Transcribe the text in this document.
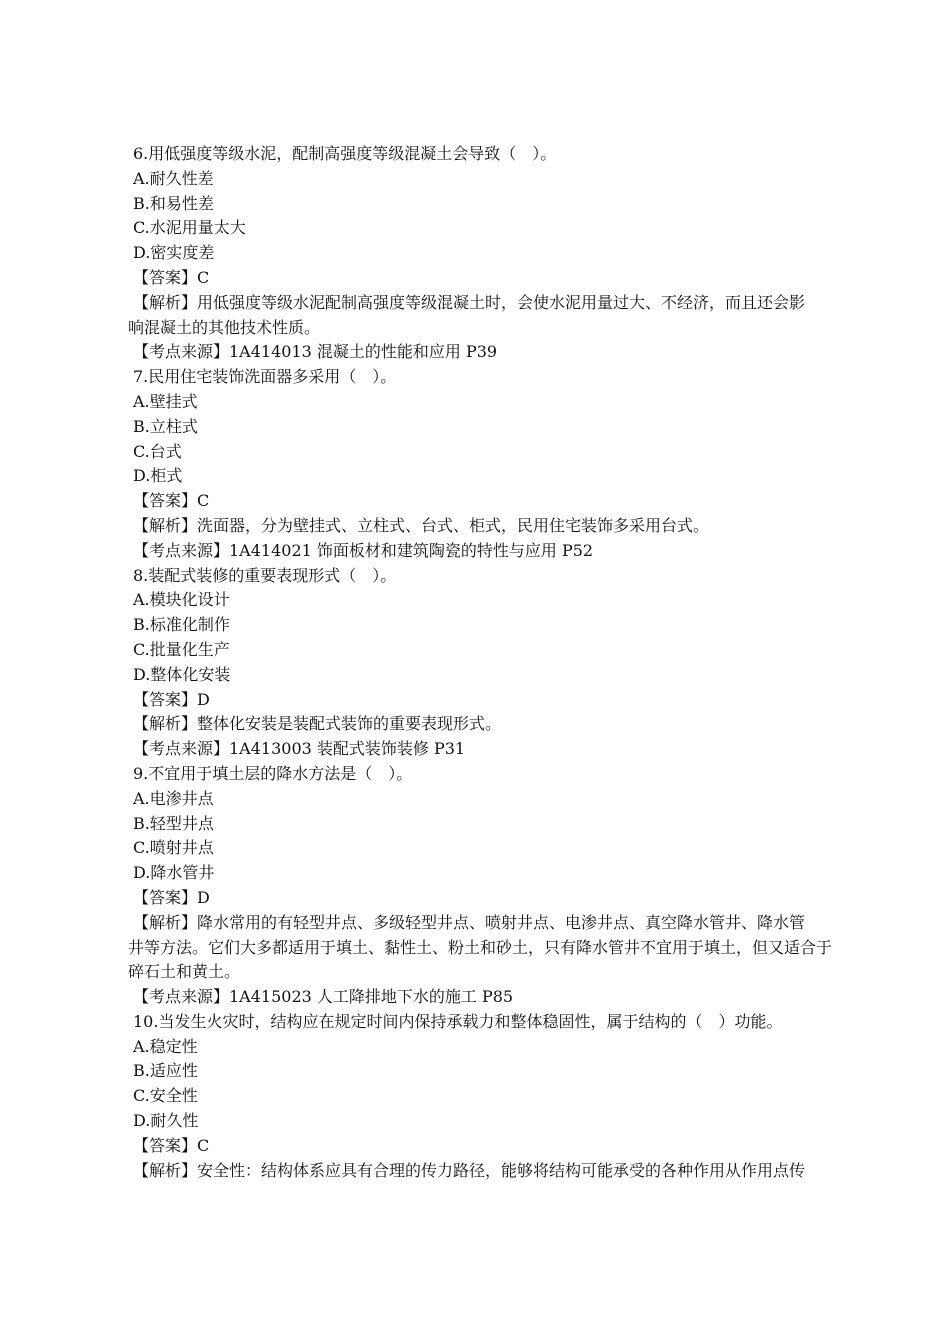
6.用低强度等级水泥，配制高强度等级混凝土会导致（　）。
A.耐久性差
B.和易性差
C.水泥用量太大
D.密实度差
【答案】C
【解析】用低强度等级水泥配制高强度等级混凝土时，会使水泥用量过大、不经济，而且还会影
响混凝土的其他技术性质。
【考点来源】1A414013 混凝土的性能和应用 P39
7.民用住宅装饰洗面器多采用（　）。
A.壁挂式
B.立柱式
C.台式
D.柜式
【答案】C
【解析】洗面器，分为壁挂式、立柱式、台式、柜式，民用住宅装饰多采用台式。
【考点来源】1A414021 饰面板材和建筑陶瓷的特性与应用 P52
8.装配式装修的重要表现形式（　）。
A.模块化设计
B.标准化制作
C.批量化生产
D.整体化安装
【答案】D
【解析】整体化安装是装配式装饰的重要表现形式。
【考点来源】1A413003 装配式装饰装修 P31
9.不宜用于填土层的降水方法是（　）。
A.电渗井点
B.轻型井点
C.喷射井点
D.降水管井
【答案】D
【解析】降水常用的有轻型井点、多级轻型井点、喷射井点、电渗井点、真空降水管井、降水管
井等方法。它们大多都适用于填土、黏性土、粉土和砂土，只有降水管井不宜用于填土，但又适合于
碎石土和黄土。
【考点来源】1A415023 人工降排地下水的施工 P85
10.当发生火灾时，结构应在规定时间内保持承载力和整体稳固性，属于结构的（　）功能。
A.稳定性
B.适应性
C.安全性
D.耐久性
【答案】C
【解析】安全性：结构体系应具有合理的传力路径，能够将结构可能承受的各种作用从作用点传
